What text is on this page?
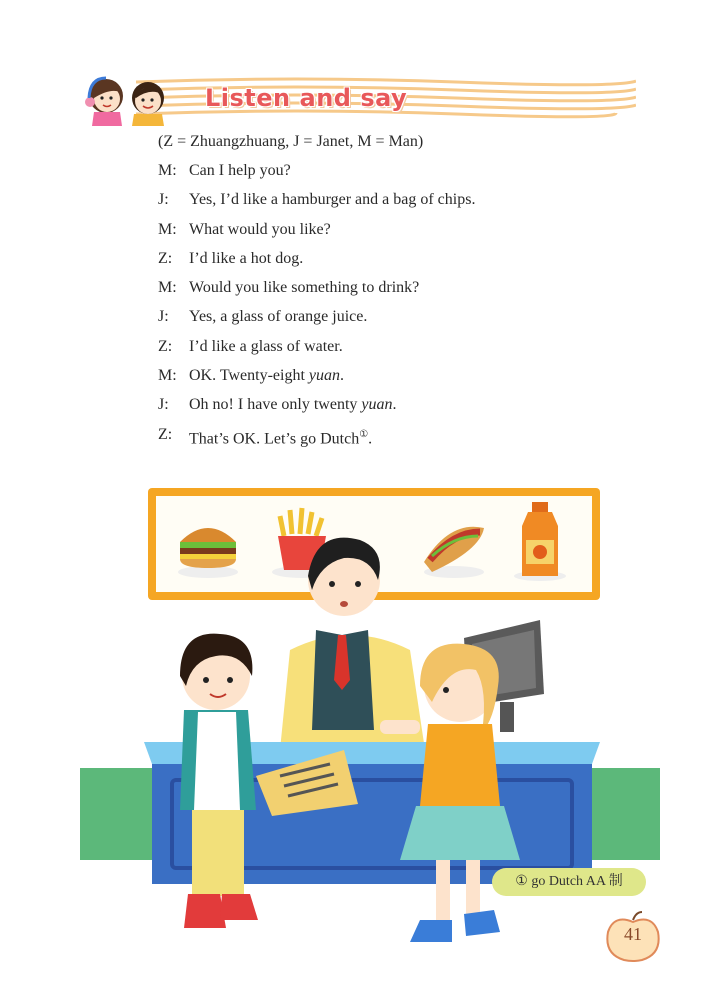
Listen and say
(Z = Zhuangzhuang, J = Janet, M = Man)
M: Can I help you?
J:	Yes, I’d like a hamburger and a bag of chips.
M: What would you like?
Z:	I’d like a hot dog.
M: Would you like something to drink?
J:	Yes, a glass of orange juice.
Z:	I’d like a glass of water.
M: OK. Twenty-eight yuan.
J:	Oh no! I have only twenty yuan.
Z:	That’s OK. Let’s go Dutch①.
① go Dutch AA 制
41
